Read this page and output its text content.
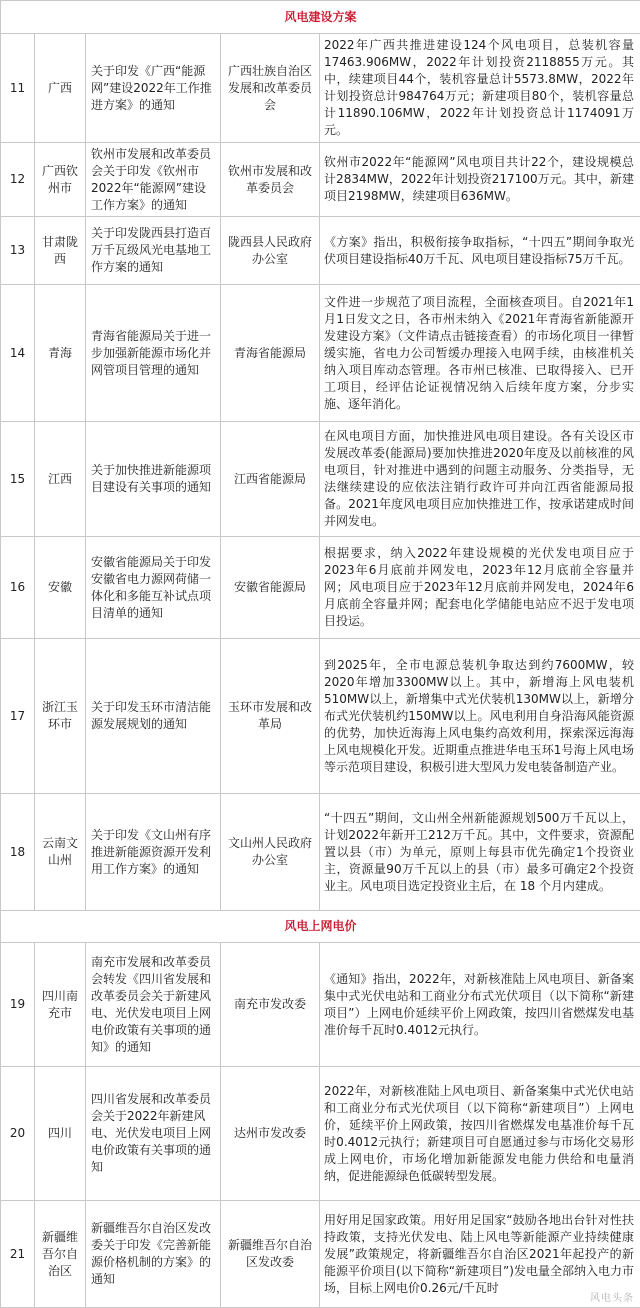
风电建设方案				
11	广西	关于印发《广西“能源网”建设2022年工作推进方案》的通知	广西壮族自治区发展和改革委员会	2022年广西共推进建设124个风电项目，总装机容量17463.906MW，2022年计划投资2118855万元。其中，续建项目44个，装机容量总计5573.8MW，2022年计划投资总计984764万元；新建项目80个，装机容量总计11890.106MW，2022年计划投资总计1174091万元。
12	广西钦州市	钦州市发展和改革委员会关于印发《钦州市2022年“能源网”建设工作方案》的通知	钦州市发展和改革委员会	钦州市2022年“能源网”风电项目共计22个，建设规模总计2834MW，2022年计划投资217100万元。其中，新建项目2198MW，续建项目636MW。
13	甘肃陇西	关于印发陇西县打造百万千瓦级风光电基地工作方案的通知	陇西县人民政府办公室	《方案》指出，积极衔接争取指标，“十四五”期间争取光伏项目建设指标40万千瓦、风电项目建设指标75万千瓦。
14	青海	青海省能源局关于进一步加强新能源市场化并网管项目管理的通知	青海省能源局	文件进一步规范了项目流程，全面核查项目。自2021年1月1日发文之日，各市州未纳入《2021年青海省新能源开发建设方案》（文件请点击链接查看）的市场化项目一律暂缓实施，省电力公司暂缓办理接入电网手续，由核准机关纳入项目库动态管理。各市州已核准、已取得接入、已开工项目，经评估论证视情况纳入后续年度方案，分步实施、逐年消化。
15	江西	关于加快推进新能源项目建设有关事项的通知	江西省能源局	在风电项目方面，加快推进风电项目建设。各有关设区市发展改革委(能源局)要加快推进2020年度及以前核准的风电项目，针对推进中遇到的问题主动服务、分类指导，无法继续建设的应依法注销行政许可并向江西省能源局报备。2021年度风电项目应加快推进工作，按承诺建成时间并网发电。
16	安徽	安徽省能源局关于印发安徽省电力源网荷储一体化和多能互补试点项目清单的通知	安徽省能源局	根据要求，纳入2022年建设规模的光伏发电项目应于2023年6月底前并网发电，2023年12月底前全容量并网；风电项目应于2023年12月底前并网发电，2024年6月底前全容量并网；配套电化学储能电站应不迟于发电项目投运。
17	浙江玉环市	关于印发玉环市清洁能源发展规划的通知	玉环市发展和改革局	到2025年，全市电源总装机争取达到约7600MW，较2020年增加3300MW以上。其中，新增海上风电装机510MW以上，新增集中式光伏装机130MW以上，新增分布式光伏装机约150MW以上。风电利用自身沿海风能资源的优势，加快近海海上风电集约高效利用，探索深远海海上风电规模化开发。近期重点推进华电玉环1号海上风电场等示范项目建设，积极引进大型风力发电装备制造产业。
18	云南文山州	关于印发《文山州有序推进新能源资源开发利用工作方案》的通知	文山州人民政府办公室	“十四五”期间，文山州全州新能源规划500万千瓦以上，计划2022年新开工212万千瓦。其中，文件要求，资源配置以县（市）为单元，原则上每县市优先确定1个投资业主，资源量90万千瓦以上的县（市）最多可确定2个投资业主。风电项目选定投资业主后，在 18 个月内建成。
风电上网电价				
19	四川南充市	南充市发展和改革委员会转发《四川省发展和改革委员会关于新建风电、光伏发电项目上网电价政策有关事项的通知》的通知	南充市发改委	《通知》指出，2022年，对新核准陆上风电项目、新备案集中式光伏电站和工商业分布式光伏项目（以下简称“新建项目”）上网电价延续平价上网政策，按四川省燃煤发电基准价每千瓦时0.4012元执行。
20	四川	四川省发展和改革委员会关于2022年新建风电、光伏发电项目上网电价政策有关事项的通知	达州市发改委	2022年，对新核准陆上风电项目、新备案集中式光伏电站和工商业分布式光伏项目（以下简称“新建项目”）上网电价，延续平价上网政策，按四川省燃煤发电基准价每千瓦时0.4012元执行；新建项目可自愿通过参与市场化交易形成上网电价，市场化增加新能源发电能力供给和电量消纳，促进能源绿色低碳转型发展。
21	新疆维吾尔自治区	新疆维吾尔自治区发改委关于印发《完善新能源价格机制的方案》的通知	新疆维吾尔自治区发改委	用好用足国家政策。用好用足国家“鼓励各地出台针对性扶持政策，支持光伏发电、陆上风电等新能源产业持续健康发展”政策规定，将新疆维吾尔自治区2021年起投产的新能源平价项目(以下简称“新建项目”)发电量全部纳入电力市场，目标上网电价0.26元/千瓦时
风电头条
